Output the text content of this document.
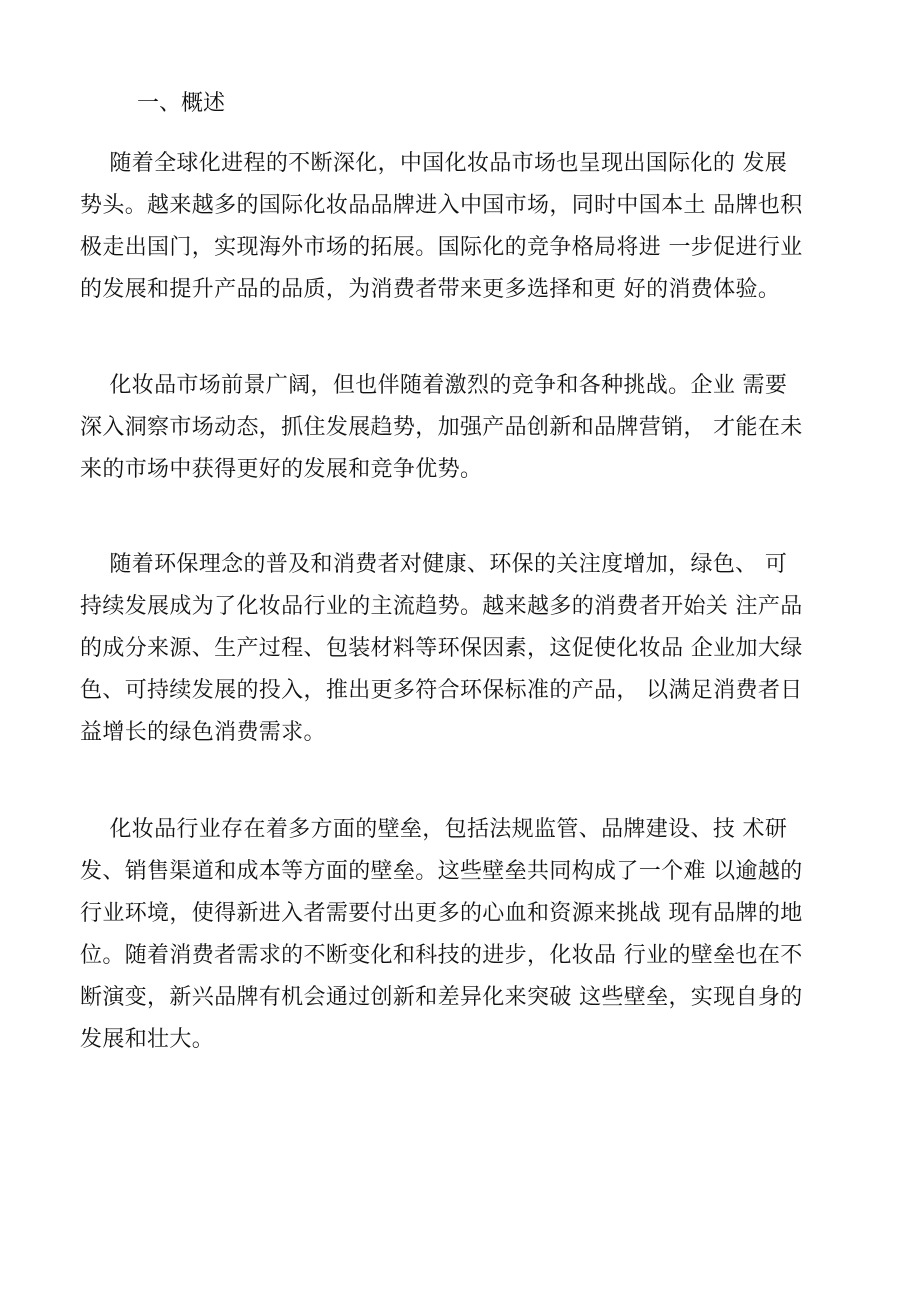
一、概述
随着全球化进程的不断深化，中国化妆品市场也呈现出国际化的 发展
势头。越来越多的国际化妆品品牌进入中国市场，同时中国本土 品牌也积
极走出国门，实现海外市场的拓展。国际化的竞争格局将进 一步促进行业
的发展和提升产品的品质，为消费者带来更多选择和更 好的消费体验。
化妆品市场前景广阔，但也伴随着激烈的竞争和各种挑战。企业 需要
深入洞察市场动态，抓住发展趋势，加强产品创新和品牌营销， 才能在未
来的市场中获得更好的发展和竞争优势。
随着环保理念的普及和消费者对健康、环保的关注度增加，绿色、 可
持续发展成为了化妆品行业的主流趋势。越来越多的消费者开始关 注产品
的成分来源、生产过程、包装材料等环保因素，这促使化妆品 企业加大绿
色、可持续发展的投入，推出更多符合环保标准的产品， 以满足消费者日
益增长的绿色消费需求。
化妆品行业存在着多方面的壁垒，包括法规监管、品牌建设、技 术研
发、销售渠道和成本等方面的壁垒。这些壁垒共同构成了一个难 以逾越的
行业环境，使得新进入者需要付出更多的心血和资源来挑战 现有品牌的地
位。随着消费者需求的不断变化和科技的进步，化妆品 行业的壁垒也在不
断演变，新兴品牌有机会通过创新和差异化来突破 这些壁垒，实现自身的
发展和壮大。
